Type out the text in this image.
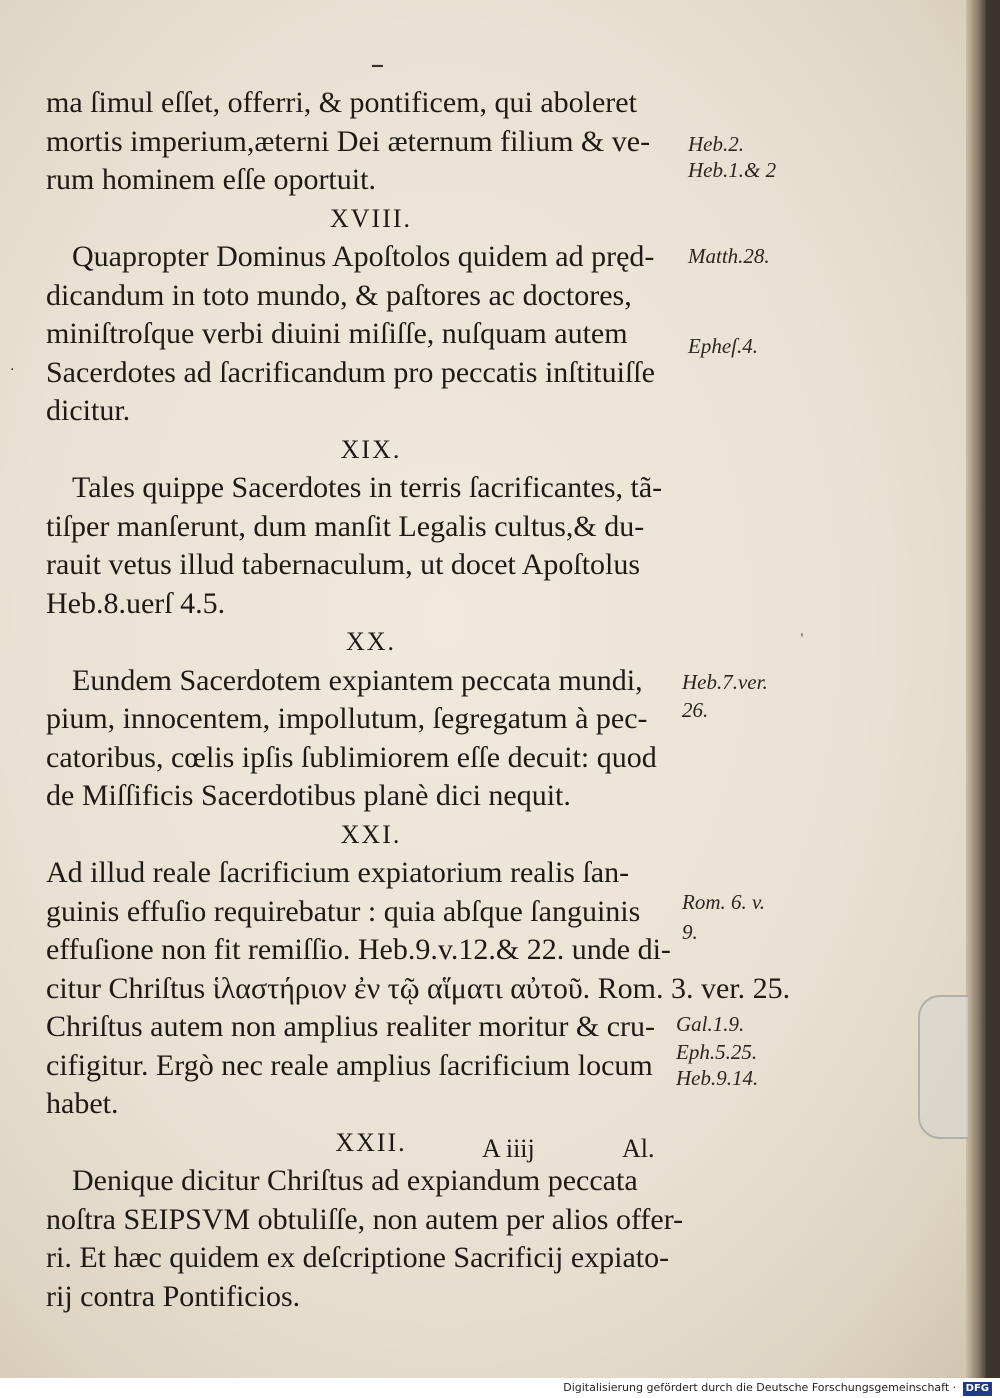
▔
·
ˈ
ma ſimul eſſet, offerri, & pontificem, qui aboleret
mortis imperium,æterni Dei æternum filium & ve-
rum hominem eſſe oportuit.
XVIII.
Quapropter Dominus Apoſtolos quidem ad pręd-
dicandum in toto mundo, & paſtores ac doctores,
miniſtroſque verbi diuini miſiſſe, nuſquam autem
Sacerdotes ad ſacrificandum pro peccatis inſtituiſſe
dicitur.
XIX.
Tales quippe Sacerdotes in terris ſacrificantes, tã-
tiſper manſerunt, dum manſit Legalis cultus,& du-
rauit vetus illud tabernaculum, ut docet Apoſtolus
Heb.8.uerſ 4.5.
XX.
Eundem Sacerdotem expiantem peccata mundi,
pium, innocentem, impollutum, ſegregatum à pec-
catoribus, cœlis ipſis ſublimiorem eſſe decuit: quod
de Miſſificis Sacerdotibus planè dici nequit.
XXI.
Ad illud reale ſacrificium expiatorium realis ſan-
guinis effuſio requirebatur : quia abſque ſanguinis
effuſione non fit remiſſio. Heb.9.v.12.& 22. unde di-
citur Chriſtus ἱλαστήριον ἐν τῷ αἵματι αὐτοῦ. Rom. 3. ver. 25.
Chriſtus autem non amplius realiter moritur & cru-
cifigitur. Ergò nec reale amplius ſacrificium locum
habet.
XXII.
Denique dicitur Chriſtus ad expiandum peccata
noſtra SEIPSVM obtuliſſe, non autem per alios offer-
ri. Et hæc quidem ex deſcriptione Sacrificij expiato-
rij contra Pontificios.
Heb.2.
Heb.1.& 2
Matth.28.
Epheſ.4.
Heb.7.ver.
26.
Rom. 6. v.
9.
Gal.1.9.
Eph.5.25.
Heb.9.14.
A iiij	Al.
Digitalisierung gefördert durch die Deutsche Forschungsgemeinschaft · DFG
